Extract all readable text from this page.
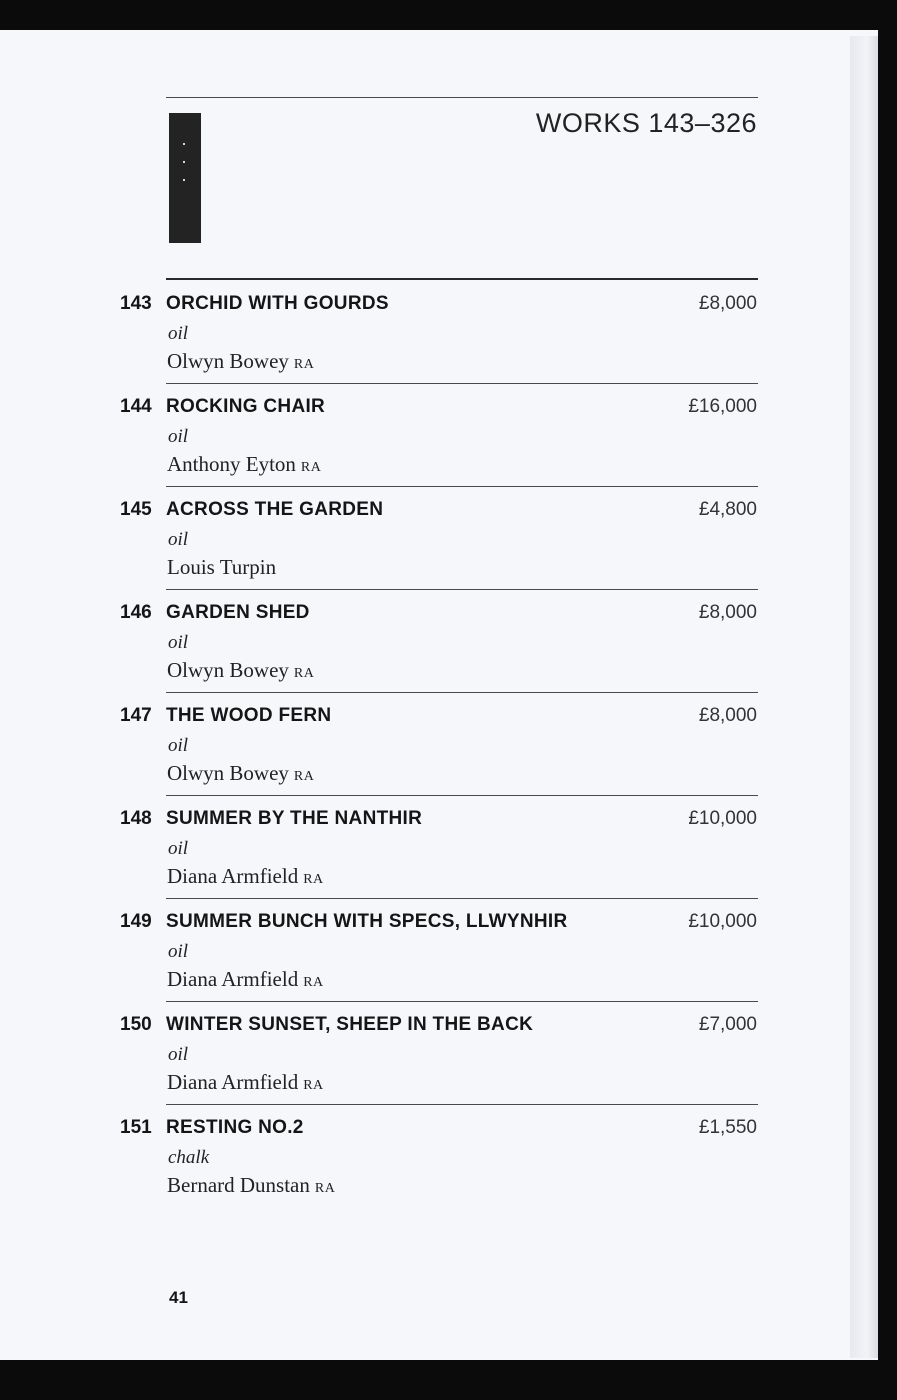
WORKS 143–326
143 ORCHID WITH GOURDS	£8,000
oil
Olwyn Bowey RA
144 ROCKING CHAIR	£16,000
oil
Anthony Eyton RA
145 ACROSS THE GARDEN	£4,800
oil
Louis Turpin
146 GARDEN SHED	£8,000
oil
Olwyn Bowey RA
147 THE WOOD FERN	£8,000
oil
Olwyn Bowey RA
148 SUMMER BY THE NANTHIR	£10,000
oil
Diana Armfield RA
149 SUMMER BUNCH WITH SPECS, LLWYNHIR	£10,000
oil
Diana Armfield RA
150 WINTER SUNSET, SHEEP IN THE BACK	£7,000
oil
Diana Armfield RA
151 RESTING NO.2	£1,550
chalk
Bernard Dunstan RA
41
